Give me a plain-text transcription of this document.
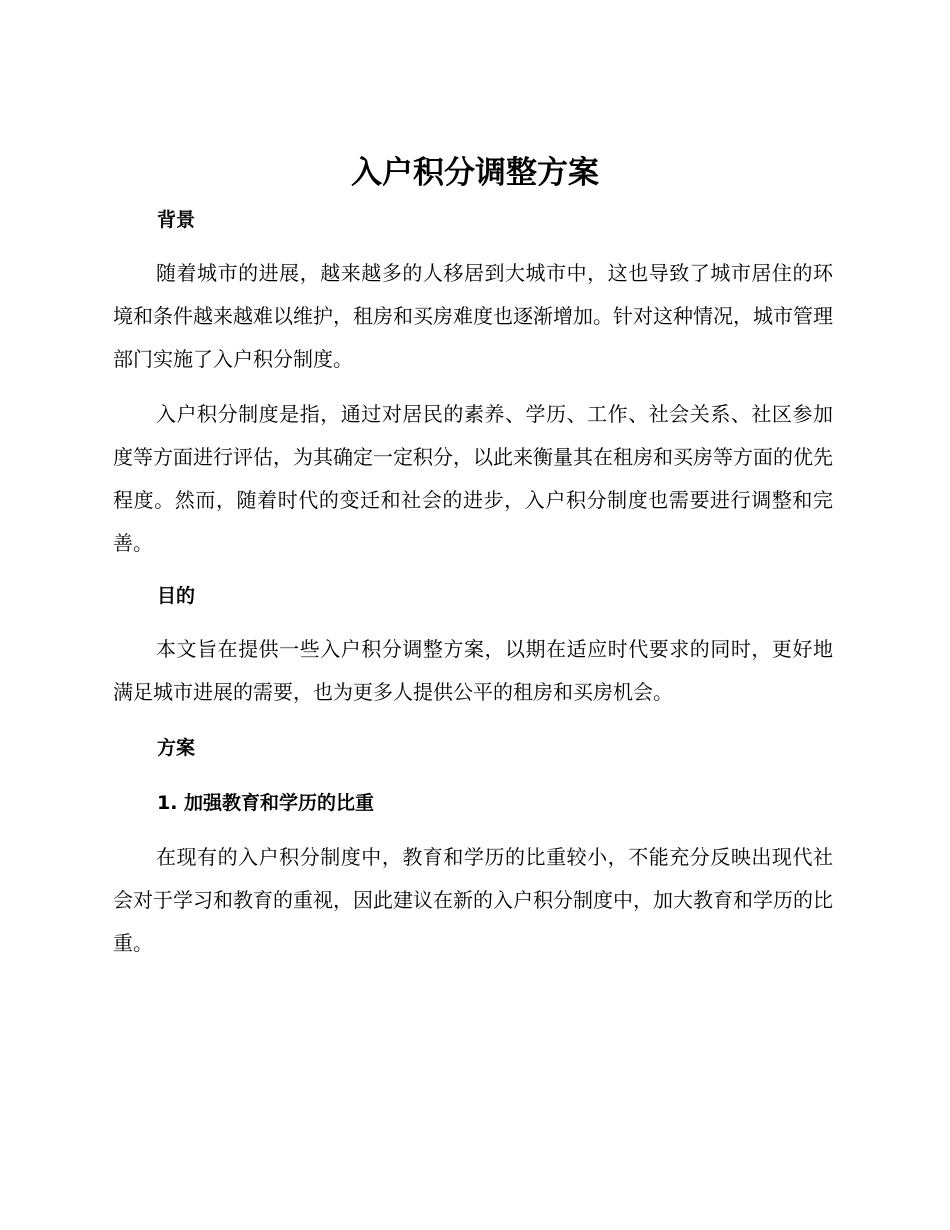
入户积分调整方案
背景

随着城市的进展，越来越多的人移居到大城市中，这也导致了城市居住的环境和条件越来越难以维护，租房和买房难度也逐渐增加。针对这种情况，城市管理部门实施了入户积分制度。

入户积分制度是指，通过对居民的素养、学历、工作、社会关系、社区参加度等方面进行评估，为其确定一定积分，以此来衡量其在租房和买房等方面的优先程度。然而，随着时代的变迁和社会的进步，入户积分制度也需要进行调整和完善。

目的

本文旨在提供一些入户积分调整方案，以期在适应时代要求的同时，更好地满足城市进展的需要，也为更多人提供公平的租房和买房机会。

方案
1. 加强教育和学历的比重

在现有的入户积分制度中，教育和学历的比重较小，不能充分反映出现代社会对于学习和教育的重视，因此建议在新的入户积分制度中，加大教育和学历的比重。
